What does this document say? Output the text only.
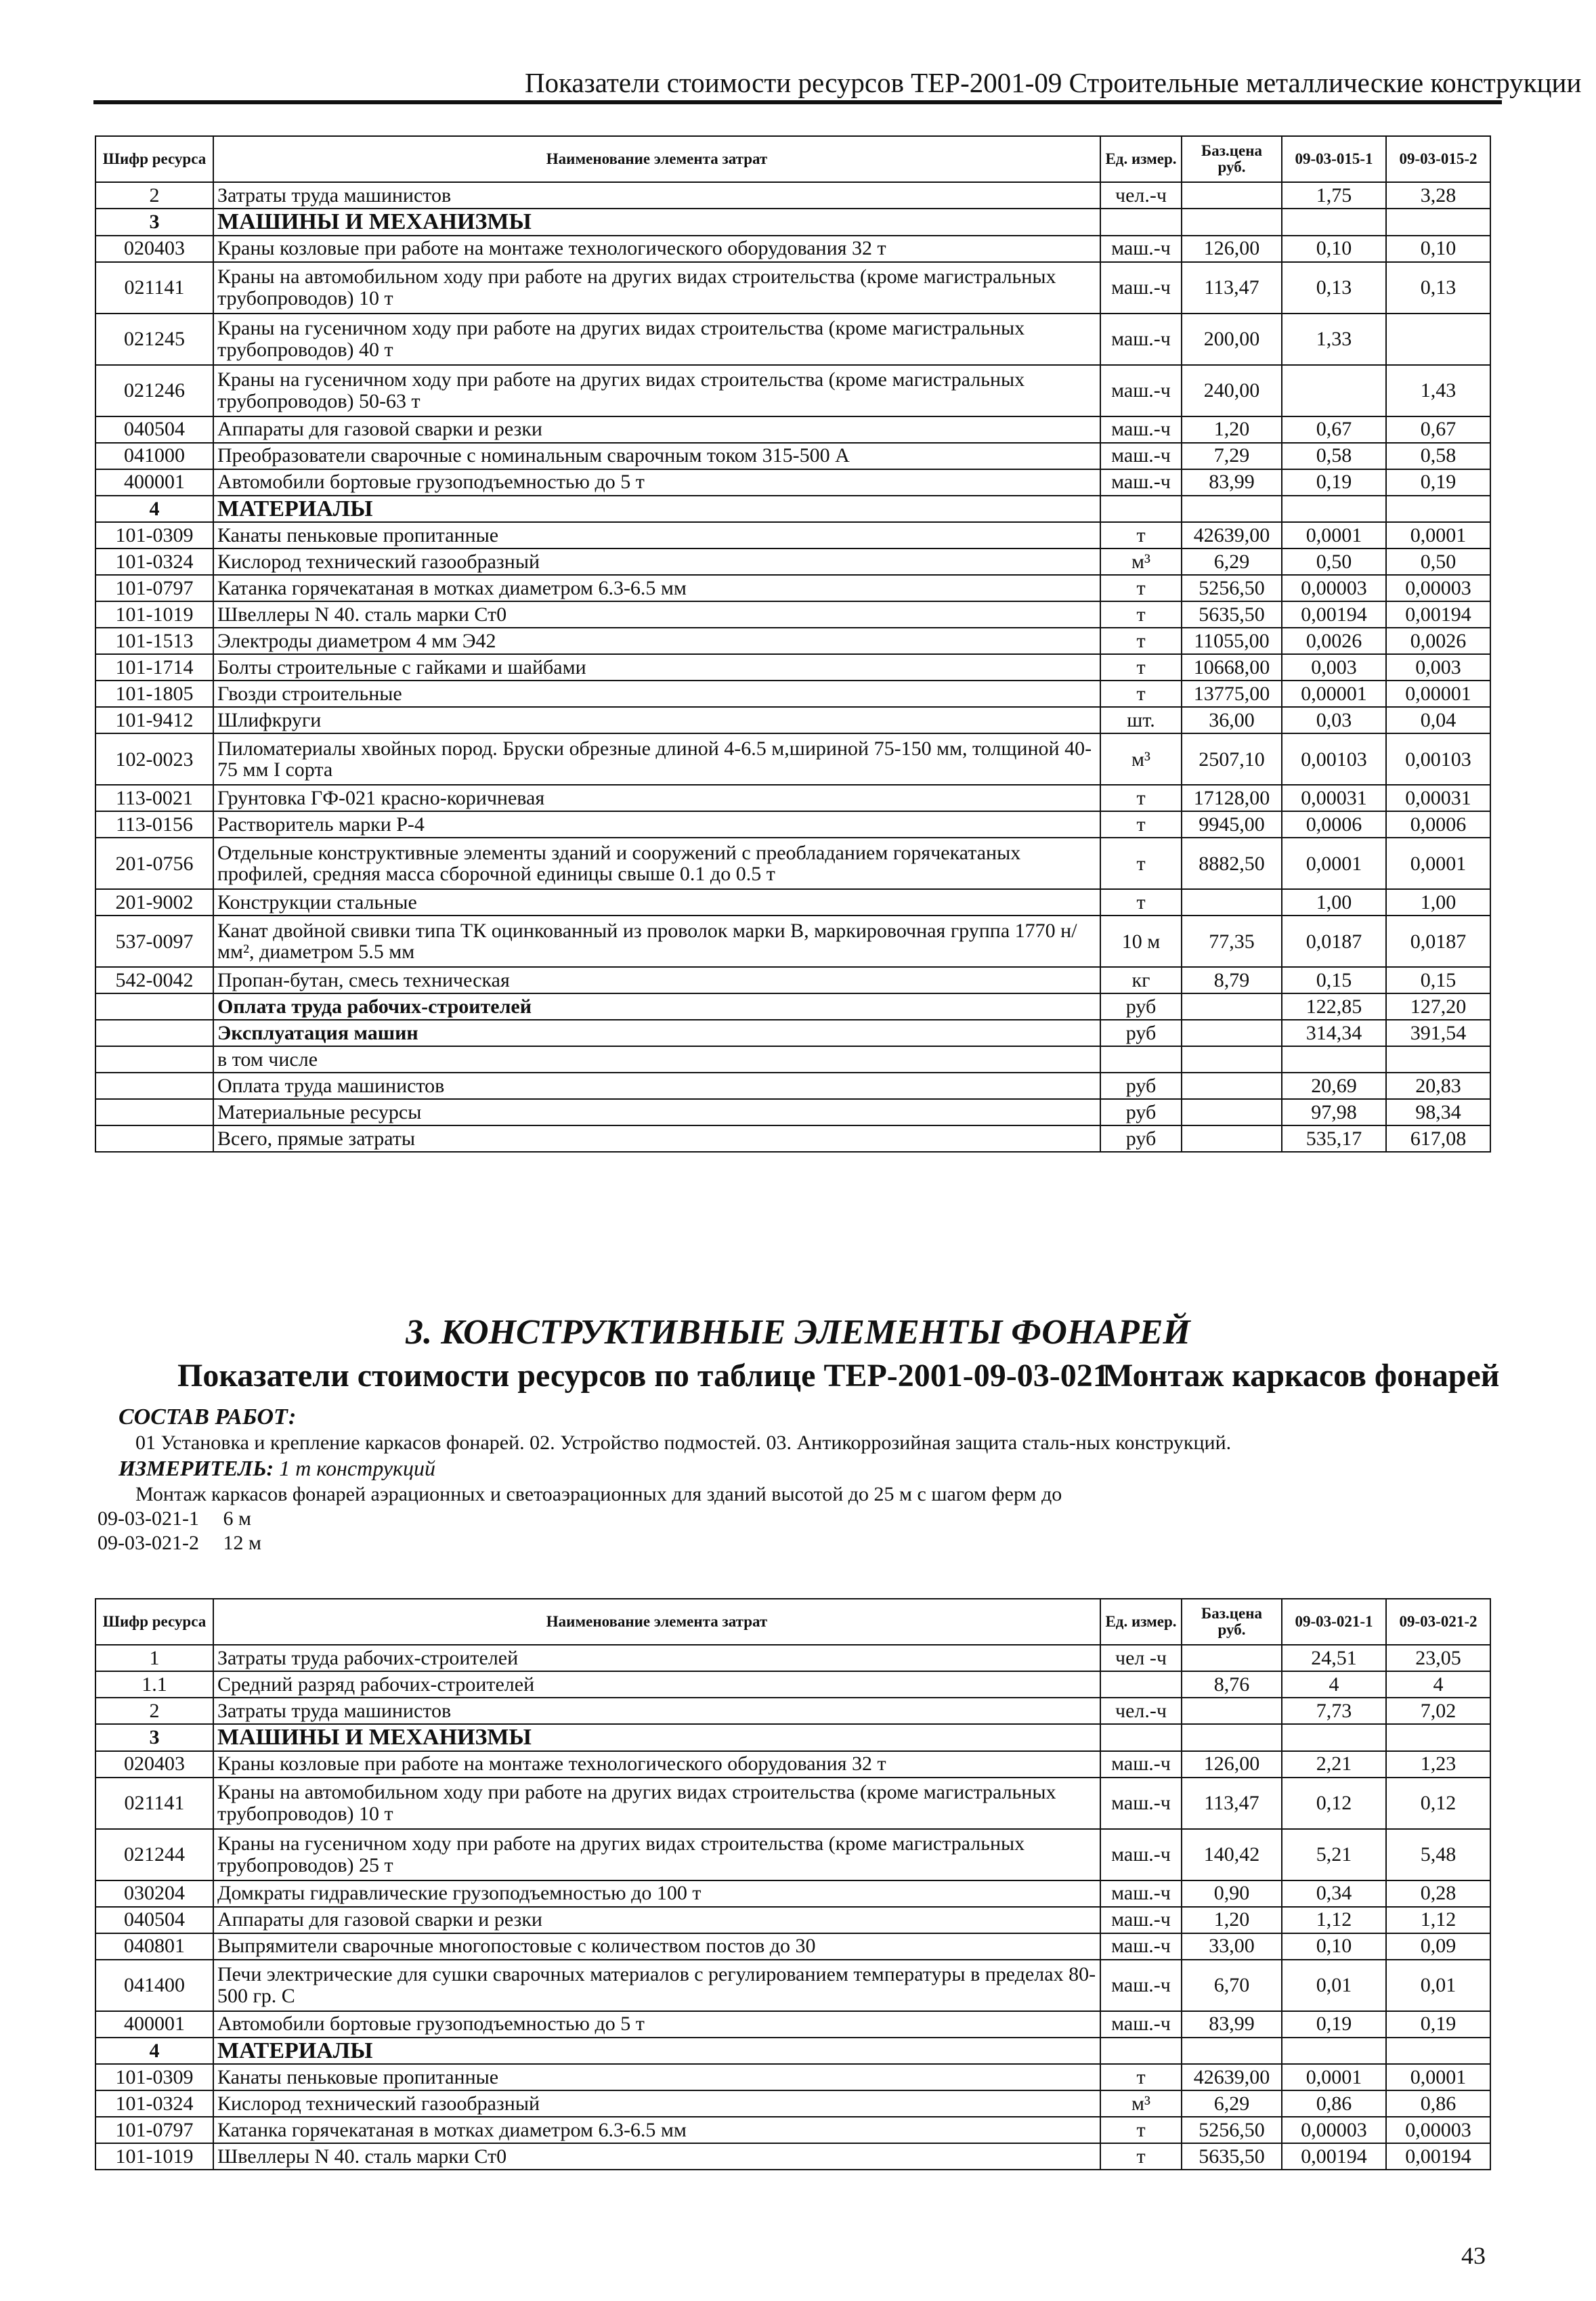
Показатели стоимости ресурсов ТЕР-2001-09 Строительные металлические конструкции
Шифр ресурса	Наименование элемента затрат	Ед. измер.	Баз.цена руб.	09-03-015-1	09-03-015-2
2	Затраты труда машинистов	чел.-ч		1,75	3,28
3	МАШИНЫ И МЕХАНИЗМЫ				
020403	Краны козловые при работе на монтаже технологического оборудования 32 т	маш.-ч	126,00	0,10	0,10
021141	Краны на автомобильном ходу при работе на других видах строительства (кроме магистральных трубопроводов) 10 т	маш.-ч	113,47	0,13	0,13
021245	Краны на гусеничном ходу при работе на других видах строительства (кроме магистральных трубопроводов) 40 т	маш.-ч	200,00	1,33	
021246	Краны на гусеничном ходу при работе на других видах строительства (кроме магистральных трубопроводов) 50-63 т	маш.-ч	240,00		1,43
040504	Аппараты для газовой сварки и резки	маш.-ч	1,20	0,67	0,67
041000	Преобразователи сварочные с номинальным сварочным током 315-500 А	маш.-ч	7,29	0,58	0,58
400001	Автомобили бортовые грузоподъемностью до 5 т	маш.-ч	83,99	0,19	0,19
4	МАТЕРИАЛЫ				
101-0309	Канаты пеньковые пропитанные	т	42639,00	0,0001	0,0001
101-0324	Кислород технический газообразный	м³	6,29	0,50	0,50
101-0797	Катанка горячекатаная в мотках диаметром 6.3-6.5 мм	т	5256,50	0,00003	0,00003
101-1019	Швеллеры N 40. сталь марки Ст0	т	5635,50	0,00194	0,00194
101-1513	Электроды диаметром 4 мм Э42	т	11055,00	0,0026	0,0026
101-1714	Болты строительные с гайками и шайбами	т	10668,00	0,003	0,003
101-1805	Гвозди строительные	т	13775,00	0,00001	0,00001
101-9412	Шлифкруги	шт.	36,00	0,03	0,04
102-0023	Пиломатериалы хвойных пород. Бруски обрезные длиной 4-6.5 м,шириной 75-150 мм, толщиной 40-75 мм I сорта	м³	2507,10	0,00103	0,00103
113-0021	Грунтовка ГФ-021 красно-коричневая	т	17128,00	0,00031	0,00031
113-0156	Растворитель марки Р-4	т	9945,00	0,0006	0,0006
201-0756	Отдельные конструктивные элементы зданий и сооружений с преобладанием горячекатаных профилей, средняя масса сборочной единицы свыше 0.1 до 0.5 т	т	8882,50	0,0001	0,0001
201-9002	Конструкции стальные	т		1,00	1,00
537-0097	Канат двойной свивки типа ТК оцинкованный из проволок марки В, маркировочная группа 1770 н/мм², диаметром 5.5 мм	10 м	77,35	0,0187	0,0187
542-0042	Пропан-бутан, смесь техническая	кг	8,79	0,15	0,15
	Оплата труда рабочих-строителей	руб		122,85	127,20
	Эксплуатация машин	руб		314,34	391,54
	в том числе				
	Оплата труда машинистов	руб		20,69	20,83
	Материальные ресурсы	руб		97,98	98,34
	Всего, прямые затраты	руб		535,17	617,08
3. КОНСТРУКТИВНЫЕ ЭЛЕМЕНТЫ ФОНАРЕЙ
Показатели стоимости ресурсов по таблице ТЕР-2001-09-03-021
Монтаж каркасов фонарей
СОСТАВ РАБОТ:
01 Установка и крепление каркасов фонарей. 02. Устройство подмостей. 03. Антикоррозийная защита сталь-ных конструкций.
ИЗМЕРИТЕЛЬ: 1 т конструкций
Монтаж каркасов фонарей аэрационных и светоаэрационных для зданий высотой до 25 м с шагом ферм до
09-03-021-1 6 м
09-03-021-2 12 м
Шифр ресурса	Наименование элемента затрат	Ед. измер.	Баз.цена руб.	09-03-021-1	09-03-021-2
1	Затраты труда рабочих-строителей	чел -ч		24,51	23,05
1.1	Средний разряд рабочих-строителей		8,76	4	4
2	Затраты труда машинистов	чел.-ч		7,73	7,02
3	МАШИНЫ И МЕХАНИЗМЫ				
020403	Краны козловые при работе на монтаже технологического оборудования 32 т	маш.-ч	126,00	2,21	1,23
021141	Краны на автомобильном ходу при работе на других видах строительства (кроме магистральных трубопроводов) 10 т	маш.-ч	113,47	0,12	0,12
021244	Краны на гусеничном ходу при работе на других видах строительства (кроме магистральных трубопроводов) 25 т	маш.-ч	140,42	5,21	5,48
030204	Домкраты гидравлические грузоподъемностью до 100 т	маш.-ч	0,90	0,34	0,28
040504	Аппараты для газовой сварки и резки	маш.-ч	1,20	1,12	1,12
040801	Выпрямители сварочные многопостовые с количеством постов до 30	маш.-ч	33,00	0,10	0,09
041400	Печи электрические для сушки сварочных материалов с регулированием температуры в пределах 80-500 гр. С	маш.-ч	6,70	0,01	0,01
400001	Автомобили бортовые грузоподъемностью до 5 т	маш.-ч	83,99	0,19	0,19
4	МАТЕРИАЛЫ				
101-0309	Канаты пеньковые пропитанные	т	42639,00	0,0001	0,0001
101-0324	Кислород технический газообразный	м³	6,29	0,86	0,86
101-0797	Катанка горячекатаная в мотках диаметром 6.3-6.5 мм	т	5256,50	0,00003	0,00003
101-1019	Швеллеры N 40. сталь марки Ст0	т	5635,50	0,00194	0,00194
43
